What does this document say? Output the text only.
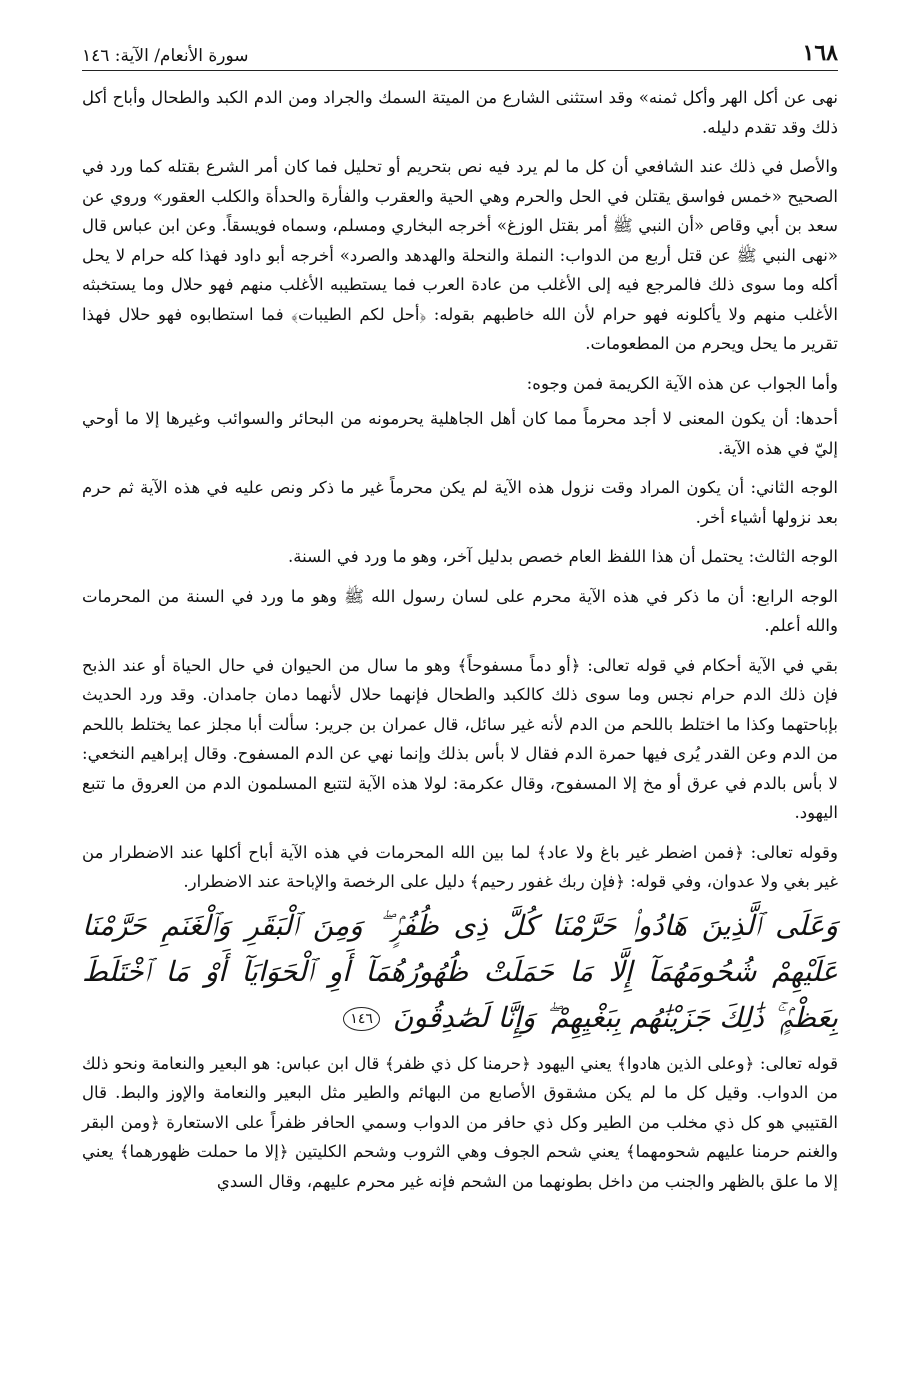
١٦٨
سورة الأنعام/ الآية: ١٤٦

نهى عن أكل الهر وأكل ثمنه» وقد استثنى الشارع من الميتة السمك والجراد ومن الدم الكبد والطحال وأباح أكل ذلك وقد تقدم دليله.

والأصل في ذلك عند الشافعي أن كل ما لم يرد فيه نص بتحريم أو تحليل فما كان أمر الشرع بقتله كما ورد في الصحيح «خمس فواسق يقتلن في الحل والحرم وهي الحية والعقرب والفأرة والحدأة والكلب العقور» وروي عن سعد بن أبي وقاص «أن النبي ﷺ أمر بقتل الوزغ» أخرجه البخاري ومسلم، وسماه فويسقاً. وعن ابن عباس قال «نهى النبي ﷺ عن قتل أربع من الدواب: النملة والنحلة والهدهد والصرد» أخرجه أبو داود فهذا كله حرام لا يحل أكله وما سوى ذلك فالمرجع فيه إلى الأغلب من عادة العرب فما يستطيبه الأغلب منهم فهو حلال وما يستخبثه الأغلب منهم ولا يأكلونه فهو حرام لأن الله خاطبهم بقوله: ﴿أحل لكم الطيبات﴾ فما استطابوه فهو حلال فهذا تقرير ما يحل ويحرم من المطعومات.

وأما الجواب عن هذه الآية الكريمة فمن وجوه:

أحدها: أن يكون المعنى لا أجد محرماً مما كان أهل الجاهلية يحرمونه من البحائر والسوائب وغيرها إلا ما أوحي إليّ في هذه الآية.

الوجه الثاني: أن يكون المراد وقت نزول هذه الآية لم يكن محرماً غير ما ذكر ونص عليه في هذه الآية ثم حرم بعد نزولها أشياء أخر.

الوجه الثالث: يحتمل أن هذا اللفظ العام خصص بدليل آخر، وهو ما ورد في السنة.

الوجه الرابع: أن ما ذكر في هذه الآية محرم على لسان رسول الله ﷺ وهو ما ورد في السنة من المحرمات والله أعلم.

بقي في الآية أحكام في قوله تعالى: ﴿أو دماً مسفوحاً﴾ وهو ما سال من الحيوان في حال الحياة أو عند الذبح فإن ذلك الدم حرام نجس وما سوى ذلك كالكبد والطحال فإنهما حلال لأنهما دمان جامدان. وقد ورد الحديث بإباحتهما وكذا ما اختلط باللحم من الدم لأنه غير سائل، قال عمران بن جرير: سألت أبا مجلز عما يختلط باللحم من الدم وعن القدر يُرى فيها حمرة الدم فقال لا بأس بذلك وإنما نهي عن الدم المسفوح. وقال إبراهيم النخعي: لا بأس بالدم في عرق أو مخ إلا المسفوح، وقال عكرمة: لولا هذه الآية لتتبع المسلمون الدم من العروق ما تتبع اليهود.

وقوله تعالى: ﴿فمن اضطر غير باغ ولا عاد﴾ لما بين الله المحرمات في هذه الآية أباح أكلها عند الاضطرار من غير بغي ولا عدوان، وفي قوله: ﴿فإن ربك غفور رحيم﴾ دليل على الرخصة والإباحة عند الاضطرار.

وَعَلَى ٱلَّذِينَ هَادُوا۟ حَرَّمْنَا كُلَّ ذِى ظُفُرٍۢ ۖ وَمِنَ ٱلْبَقَرِ وَٱلْغَنَمِ حَرَّمْنَا عَلَيْهِمْ شُحُومَهُمَآ إِلَّا مَا حَمَلَتْ ظُهُورُهُمَآ أَوِ ٱلْحَوَايَآ أَوْ مَا ٱخْتَلَطَ بِعَظْمٍۢ ۚ ذَٰلِكَ جَزَيْنَٰهُم بِبَغْيِهِمْ ۖ وَإِنَّا لَصَٰدِقُونَ ١٤٦

قوله تعالى: ﴿وعلى الذين هادوا﴾ يعني اليهود ﴿حرمنا كل ذي ظفر﴾ قال ابن عباس: هو البعير والنعامة ونحو ذلك من الدواب. وقيل كل ما لم يكن مشقوق الأصابع من البهائم والطير مثل البعير والنعامة والإوز والبط. قال القتيبي هو كل ذي مخلب من الطير وكل ذي حافر من الدواب وسمي الحافر ظفراً على الاستعارة ﴿ومن البقر والغنم حرمنا عليهم شحومهما﴾ يعني شحم الجوف وهي الثروب وشحم الكليتين ﴿إلا ما حملت ظهورهما﴾ يعني إلا ما علق بالظهر والجنب من داخل بطونهما من الشحم فإنه غير محرم عليهم، وقال السدي
